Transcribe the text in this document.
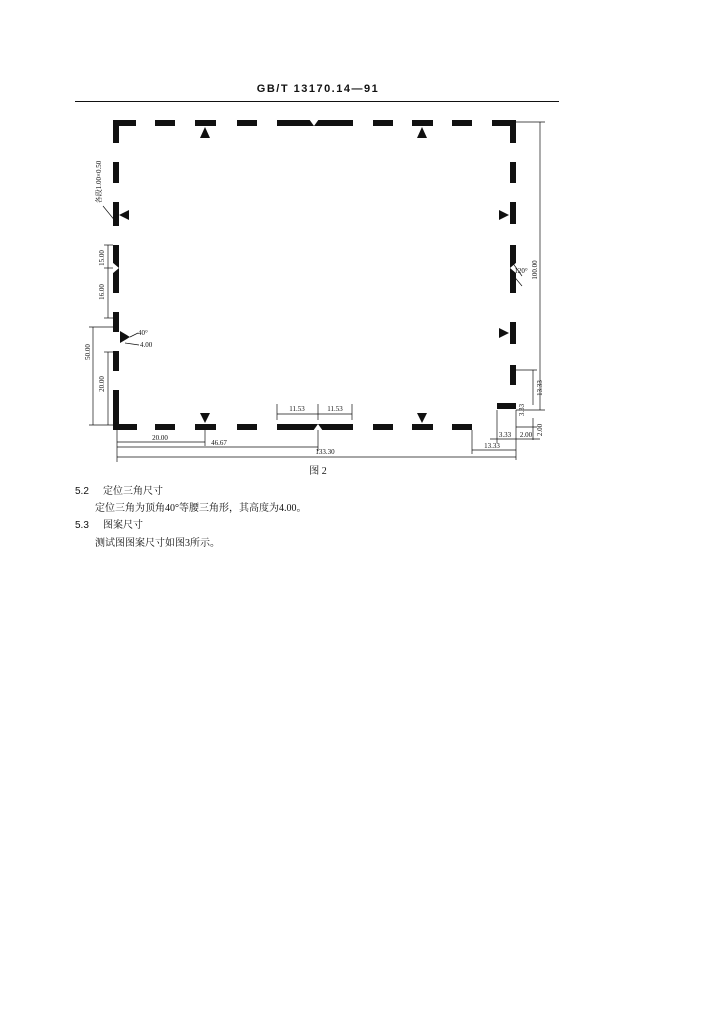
GB/T 13170.14—91
各段1.00×0.50
15.00
16.00
50.00
20.00
40°
4.00
11.53	11.53
20.00
46.67
133.30
13.33
3.33 2.00
100.00
120°
13.33
3.33
2.00
图 2
5.2 定位三角尺寸
定位三角为顶角40°等腰三角形，其高度为4.00。
5.3 图案尺寸
测试图图案尺寸如图3所示。
